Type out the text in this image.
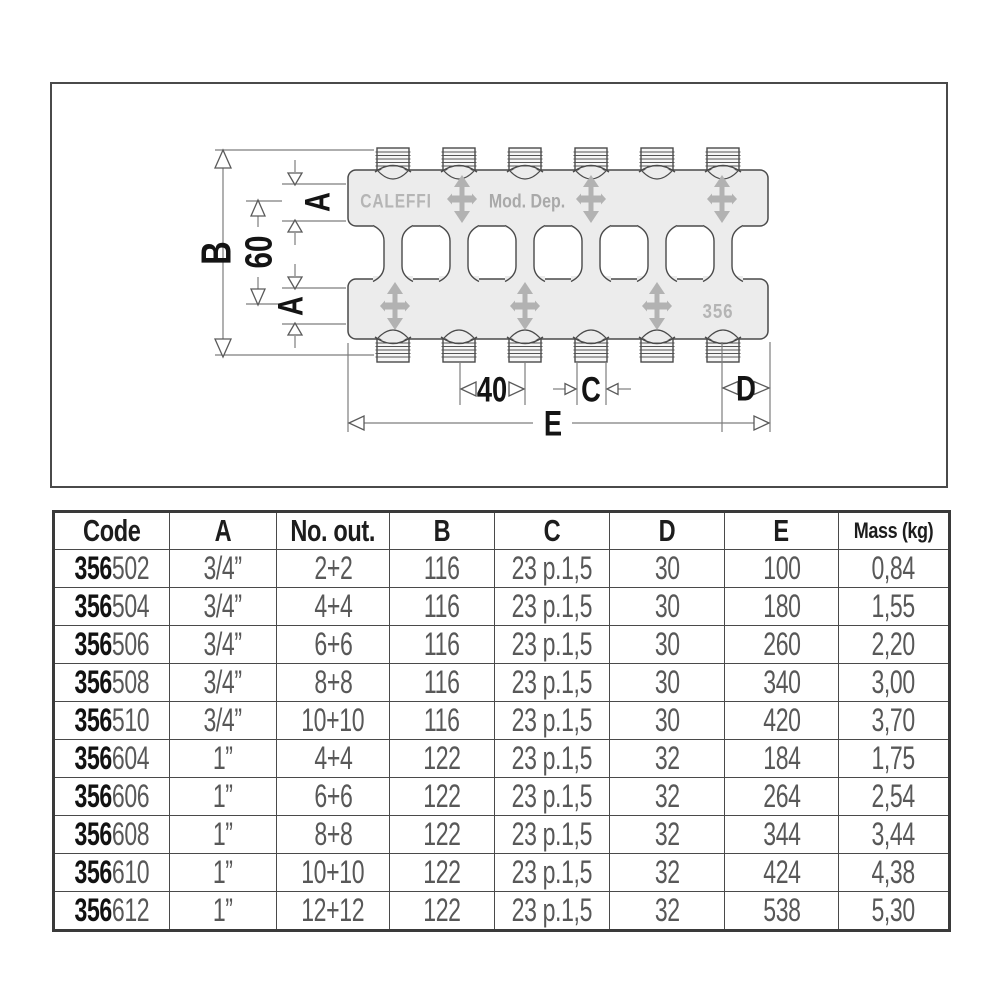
CALEFFI	Mod. Dep.
356
B
60
A
A
40 C	D
E
Code	A	No. out.	B	C	D	E	Mass (kg)
356502	3/4”	2+2	116	23 p.1,5	30	100	0,84
356504	3/4”	4+4	116	23 p.1,5	30	180	1,55
356506	3/4”	6+6	116	23 p.1,5	30	260	2,20
356508	3/4”	8+8	116	23 p.1,5	30	340	3,00
356510	3/4”	10+10	116	23 p.1,5	30	420	3,70
356604	1”	4+4	122	23 p.1,5	32	184	1,75
356606	1”	6+6	122	23 p.1,5	32	264	2,54
356608	1”	8+8	122	23 p.1,5	32	344	3,44
356610	1”	10+10	122	23 p.1,5	32	424	4,38
356612	1”	12+12	122	23 p.1,5	32	538	5,30
